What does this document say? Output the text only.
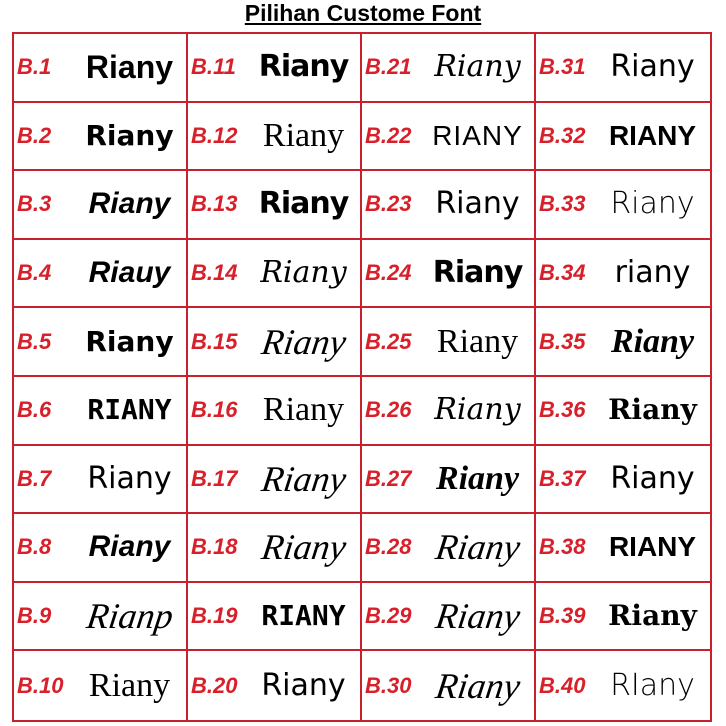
Pilihan Custome Font
B.1	Riany B.11 Riany B.21 Riany B.31 Riany
B.2	Riany B.12 Riany B.22 RIANY B.32 RIANY
B.3	Riany B.13 Riany B.23 Riany B.33 Riany
B.4	Riauy B.14 Riany B.24 Riany B.34 riany
B.5	Riany B.15 Riany B.25 Riany B.35 Riany
B.6	RIANY B.16 Riany B.26 Riany B.36 Riany
B.7	Riany B.17 Riany B.27 Riany B.37 Riany
B.8	Riany B.18 Riany B.28 Riany B.38 RIANY
B.9 Rianp B.19 RIANY B.29 Riany B.39 Riany
B.10 Riany B.20 Riany B.30 Riany B.40 RIany
